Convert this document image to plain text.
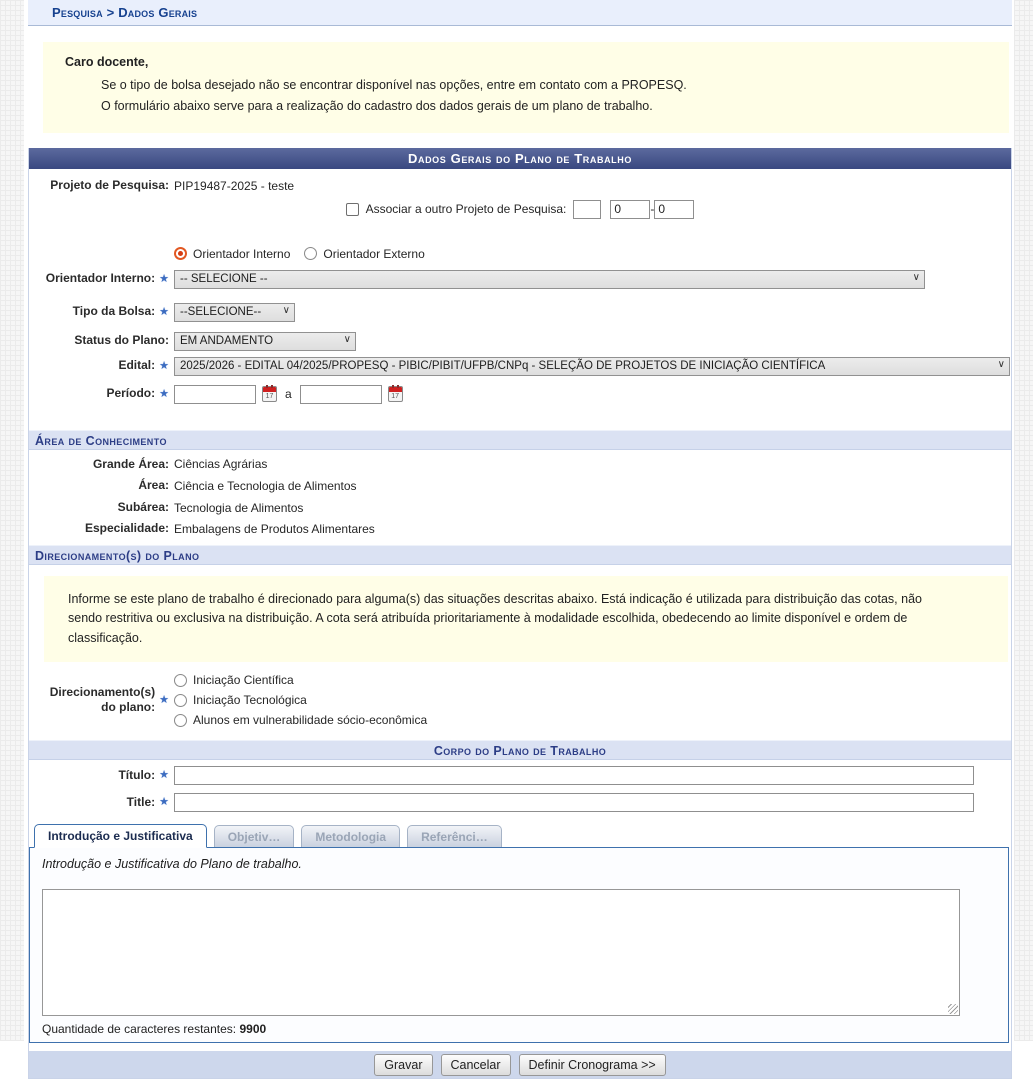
Pesquisa > Dados Gerais
Caro docente,

Se o tipo de bolsa desejado não se encontrar disponível nas opções, entre em contato com a PROPESQ.

O formulário abaixo serve para a realização do cadastro dos dados gerais de um plano de trabalho.

Dados Gerais do Plano de Trabalho
Projeto de Pesquisa: PIP19487-2025 - teste
Associar a outro Projeto de Pesquisa:
0	-
0
Orientador Interno	Orientador Externo
Orientador Interno: ★ -- SELECIONE --	∨
Tipo da Bolsa: ★ --SELECIONE-- ∨
Status do Plano: EM ANDAMENTO	∨
Edital: ★ 2025/2026 - EDITAL 04/2025/PROPESQ - PIBIC/PIBIT/UFPB/CNPq - SELEÇÃO DE PROJETOS DE INICIAÇÃO CIENTÍFICA	∨
Período: ★	17 a	17
Área de Conhecimento
Grande Área: Ciências Agrárias
Área: Ciência e Tecnologia de Alimentos
Subárea: Tecnologia de Alimentos
Especialidade: Embalagens de Produtos Alimentares
Direcionamento(s) do Plano
Informe se este plano de trabalho é direcionado para alguma(s) das situações descritas abaixo. Está indicação é utilizada para distribuição das cotas, não sendo restritiva ou exclusiva na distribuição. A cota será atribuída prioritariamente à modalidade escolhida, obedecendo ao limite disponível e ordem de classificação.
Direcionamento(s) do plano:
★
Iniciação Científica
Iniciação Tecnológica
Alunos em vulnerabilidade sócio-econômica
Corpo do Plano de Trabalho
Título: ★
Title: ★
Introdução e Justificativa	Objetiv…	Metodologia	Referênci…
Introdução e Justificativa do Plano de trabalho.
Quantidade de caracteres restantes: 9900
Gravar	Cancelar	Definir Cronograma >>
